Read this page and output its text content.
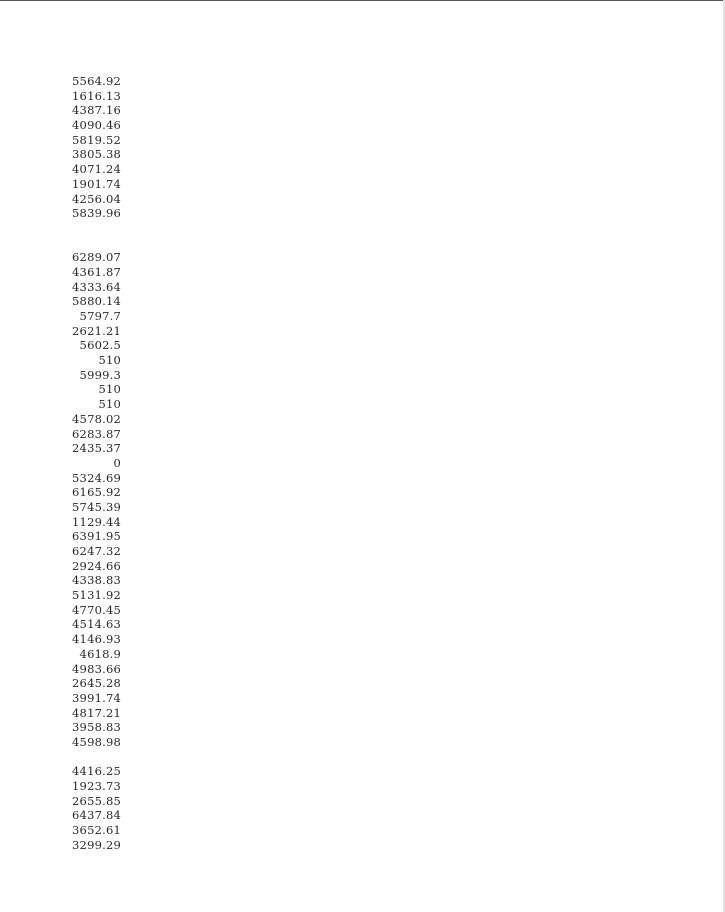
5564.92
1616.13
4387.16
4090.46
5819.52
3805.38
4071.24
1901.74
4256.04
5839.96
6289.07
4361.87
4333.64
5880.14
5797.7
2621.21
5602.5
510
5999.3
510
510
4578.02
6283.87
2435.37
0
5324.69
6165.92
5745.39
1129.44
6391.95
6247.32
2924.66
4338.83
5131.92
4770.45
4514.63
4146.93
4618.9
4983.66
2645.28
3991.74
4817.21
3958.83
4598.98
4416.25
1923.73
2655.85
6437.84
3652.61
3299.29
